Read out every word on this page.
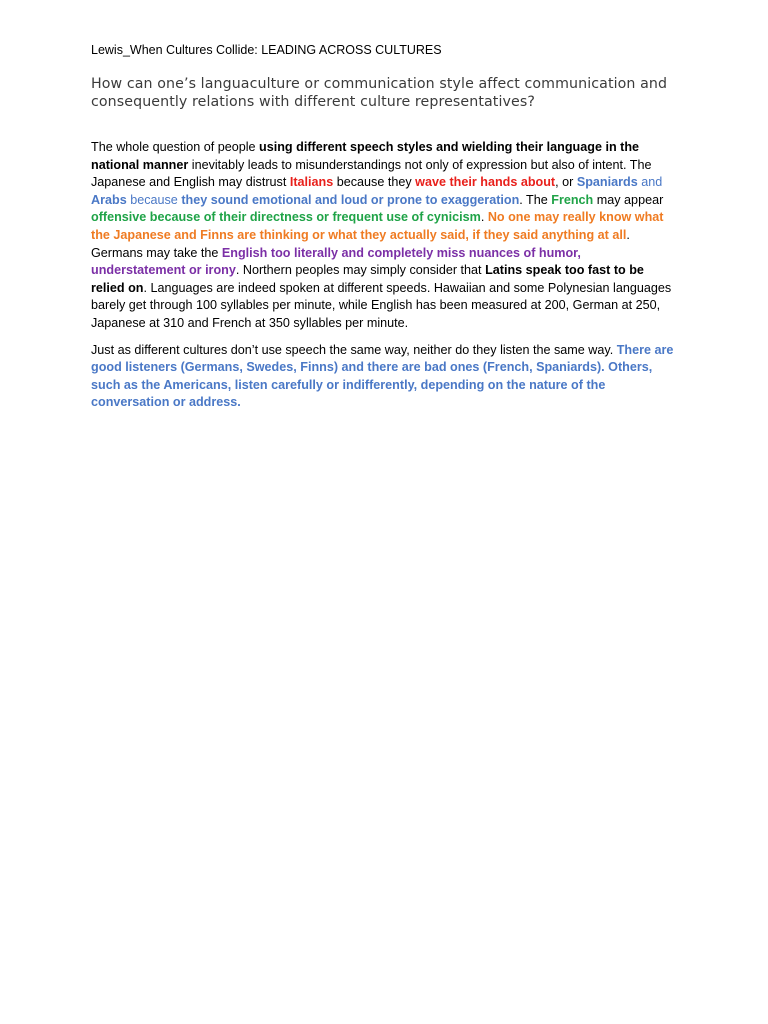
Lewis_When Cultures Collide: LEADING ACROSS CULTURES
How can one’s languaculture or communication style affect communication and consequently relations with different culture representatives?

The whole question of people using different speech styles and wielding their language in the national manner inevitably leads to misunderstandings not only of expression but also of intent. The Japanese and English may distrust Italians because they wave their hands about, or Spaniards and Arabs because they sound emotional and loud or prone to exaggeration. The French may appear offensive because of their directness or frequent use of cynicism. No one may really know what the Japanese and Finns are thinking or what they actually said, if they said anything at all. Germans may take the English too literally and completely miss nuances of humor, understatement or irony. Northern peoples may simply consider that Latins speak too fast to be relied on. Languages are indeed spoken at different speeds. Hawaiian and some Polynesian languages barely get through 100 syllables per minute, while English has been measured at 200, German at 250, Japanese at 310 and French at 350 syllables per minute.

Just as different cultures don’t use speech the same way, neither do they listen the same way. There are good listeners (Germans, Swedes, Finns) and there are bad ones (French, Spaniards). Others, such as the Americans, listen carefully or indifferently, depending on the nature of the conversation or address.
